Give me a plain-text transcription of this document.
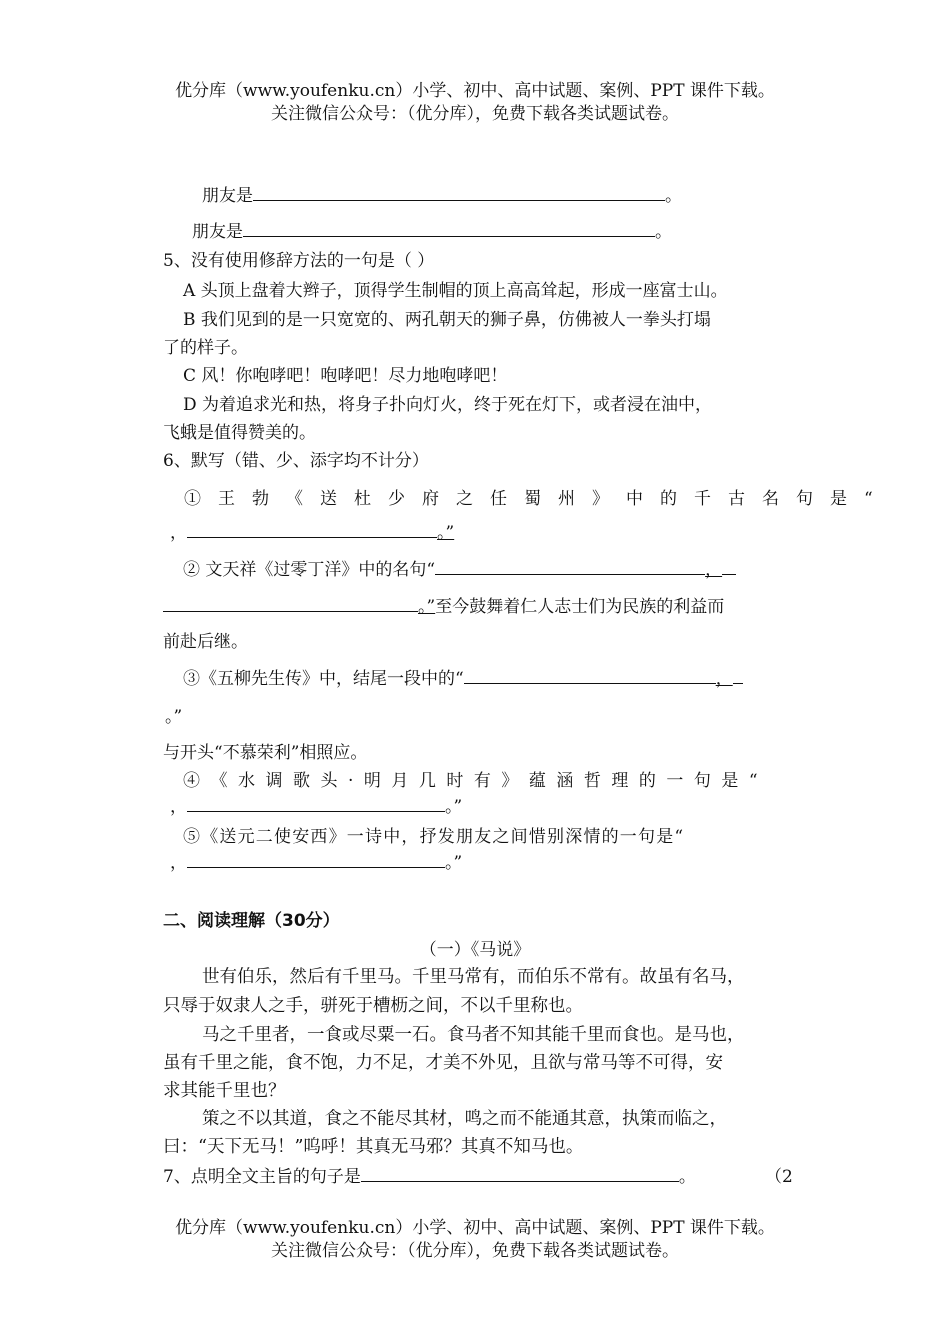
优分库（www.youfenku.cn）小学、初中、高中试题、案例、PPT 课件下载。
关注微信公众号：（优分库），免费下载各类试题试卷。
朋友是	。
朋友是	。
5、没有使用修辞方法的一句是（ ）
A 头顶上盘着大辫子，顶得学生制帽的顶上高高耸起，形成一座富士山。
B 我们见到的是一只宽宽的、两孔朝天的狮子鼻，仿佛被人一拳头打塌
了的样子。
C 风！你咆哮吧！咆哮吧！尽力地咆哮吧！
D 为着追求光和热，将身子扑向灯火，终于死在灯下，或者浸在油中，
飞蛾是值得赞美的。
6、默写（错、少、添字均不计分）
①王勃《送杜少府之任蜀州》中的千古名句是“
，	。”
② 文天祥《过零丁洋》中的名句“	，
。”至今鼓舞着仁人志士们为民族的利益而
前赴后继。
③《五柳先生传》中，结尾一段中的“	，
。”
与开头“不慕荣利”相照应。
④《水调歌头·明月几时有》蕴涵哲理的一句是“
，	。”
⑤《送元二使安西》一诗中，抒发朋友之间惜别深情的一句是“
，	。”
二、阅读理解（30分）
（一）《马说》
世有伯乐，然后有千里马。千里马常有，而伯乐不常有。故虽有名马，
只辱于奴隶人之手，骈死于槽枥之间，不以千里称也。
马之千里者，一食或尽粟一石。食马者不知其能千里而食也。是马也，
虽有千里之能，食不饱，力不足，才美不外见，且欲与常马等不可得，安
求其能千里也？
策之不以其道，食之不能尽其材，鸣之而不能通其意，执策而临之，
曰：“天下无马！”呜呼！其真无马邪？其真不知马也。
7、点明全文主旨的句子是	。	（2
优分库（www.youfenku.cn）小学、初中、高中试题、案例、PPT 课件下载。
关注微信公众号：（优分库），免费下载各类试题试卷。
